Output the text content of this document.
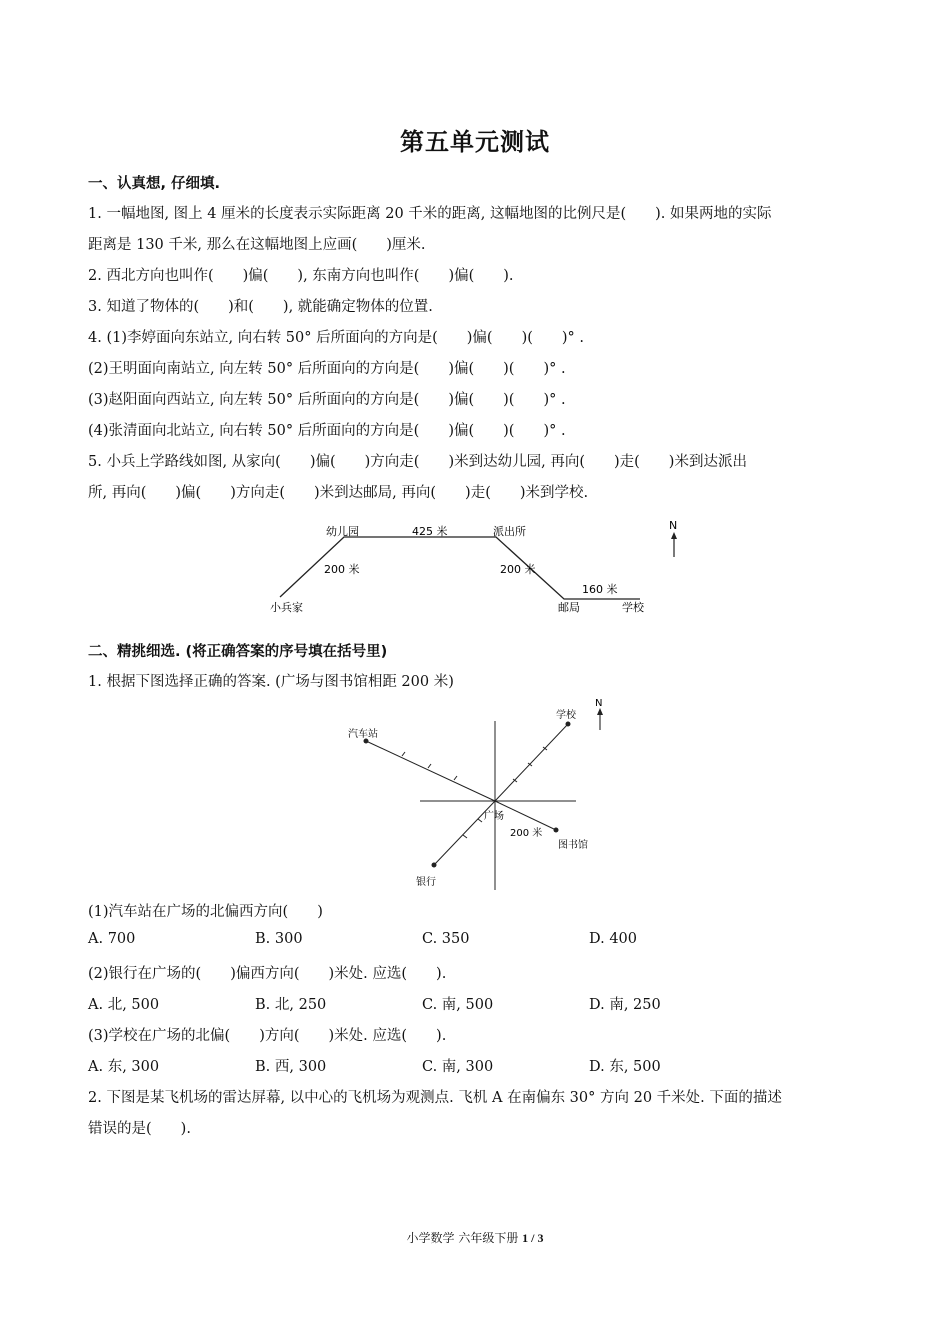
第五单元测试
一、认真想, 仔细填.
1. 一幅地图, 图上 4 厘米的长度表示实际距离 20 千米的距离, 这幅地图的比例尺是(　　). 如果两地的实际
距离是 130 千米, 那么在这幅地图上应画(　　)厘米.
2. 西北方向也叫作(　　)偏(　　), 东南方向也叫作(　　)偏(　　).
3. 知道了物体的(　　)和(　　), 就能确定物体的位置.
4. (1)李婷面向东站立, 向右转 50° 后所面向的方向是(　　)偏(　　)(　　)° .
(2)王明面向南站立, 向左转 50° 后所面向的方向是(　　)偏(　　)(　　)° .
(3)赵阳面向西站立, 向左转 50° 后所面向的方向是(　　)偏(　　)(　　)° .
(4)张清面向北站立, 向右转 50° 后所面向的方向是(　　)偏(　　)(　　)° .
5. 小兵上学路线如图, 从家向(　　)偏(　　)方向走(　　)米到达幼儿园, 再向(　　)走(　　)米到达派出
所, 再向(　　)偏(　　)方向走(　　)米到达邮局, 再向(　　)走(　　)米到学校.
幼儿园	425 米	派出所
200 米	200 米
160 米
小兵家	邮局	学校
N
二、精挑细选. (将正确答案的序号填在括号里)
1. 根据下图选择正确的答案. (广场与图书馆相距 200 米)
学校
N
汽车站
广场
200 米
图书馆
银行
(1)汽车站在广场的北偏西方向(　　)
A. 700	B. 300	C. 350	D. 400
(2)银行在广场的(　　)偏西方向(　　)米处. 应选(　　).
A. 北, 500	B. 北, 250	C. 南, 500	D. 南, 250
(3)学校在广场的北偏(　　)方向(　　)米处. 应选(　　).
A. 东, 300	B. 西, 300	C. 南, 300	D. 东, 500
2. 下图是某飞机场的雷达屏幕, 以中心的飞机场为观测点. 飞机 A 在南偏东 30° 方向 20 千米处. 下面的描述
错误的是(　　).
小学数学 六年级下册 1 / 3
